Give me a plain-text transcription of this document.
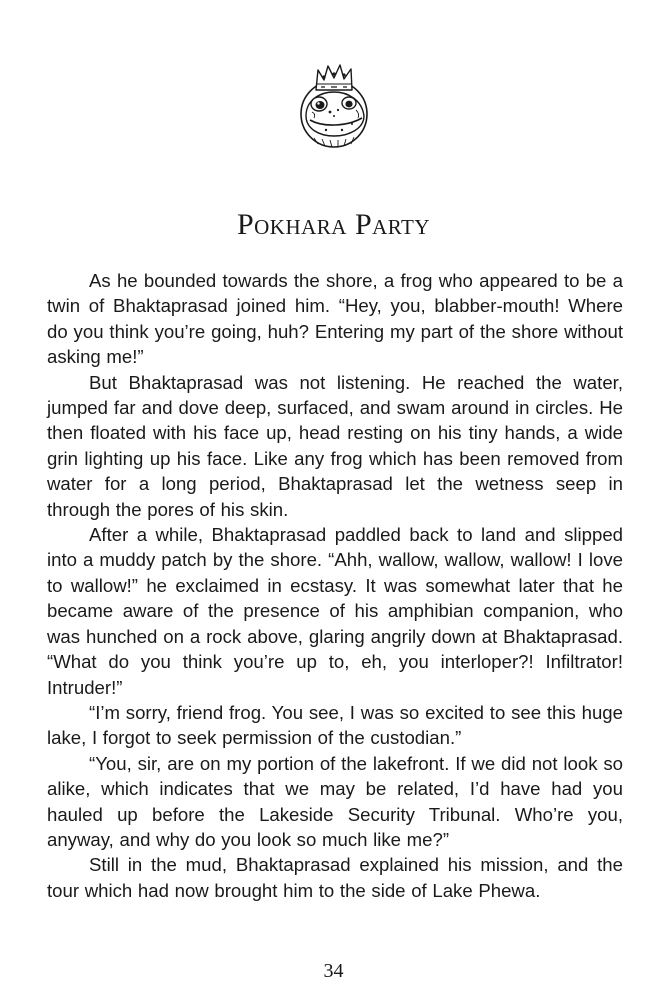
Pokhara Party

As he bounded towards the shore, a frog who appeared to be a twin of Bhaktaprasad joined him. “Hey, you, blabber-mouth! Where do you think you’re going, huh? Entering my part of the shore without asking me!”

But Bhaktaprasad was not listening. He reached the water, jumped far and dove deep, surfaced, and swam around in circles. He then floated with his face up, head resting on his tiny hands, a wide grin lighting up his face. Like any frog which has been removed from water for a long period, Bhaktaprasad let the wetness seep in through the pores of his skin.

After a while, Bhaktaprasad paddled back to land and slipped into a muddy patch by the shore. “Ahh, wallow, wallow, wallow! I love to wallow!” he exclaimed in ecstasy. It was somewhat later that he became aware of the presence of his amphibian companion, who was hunched on a rock above, glaring angrily down at Bhaktaprasad. “What do you think you’re up to, eh, you interloper?! Infiltrator! Intruder!”

“I’m sorry, friend frog. You see, I was so excited to see this huge lake, I forgot to seek permission of the custodian.”

“You, sir, are on my portion of the lakefront. If we did not look so alike, which indicates that we may be related, I’d have had you hauled up before the Lakeside Security Tribunal. Who’re you, anyway, and why do you look so much like me?”

Still in the mud, Bhaktaprasad explained his mission, and the tour which had now brought him to the side of Lake Phewa.

34
